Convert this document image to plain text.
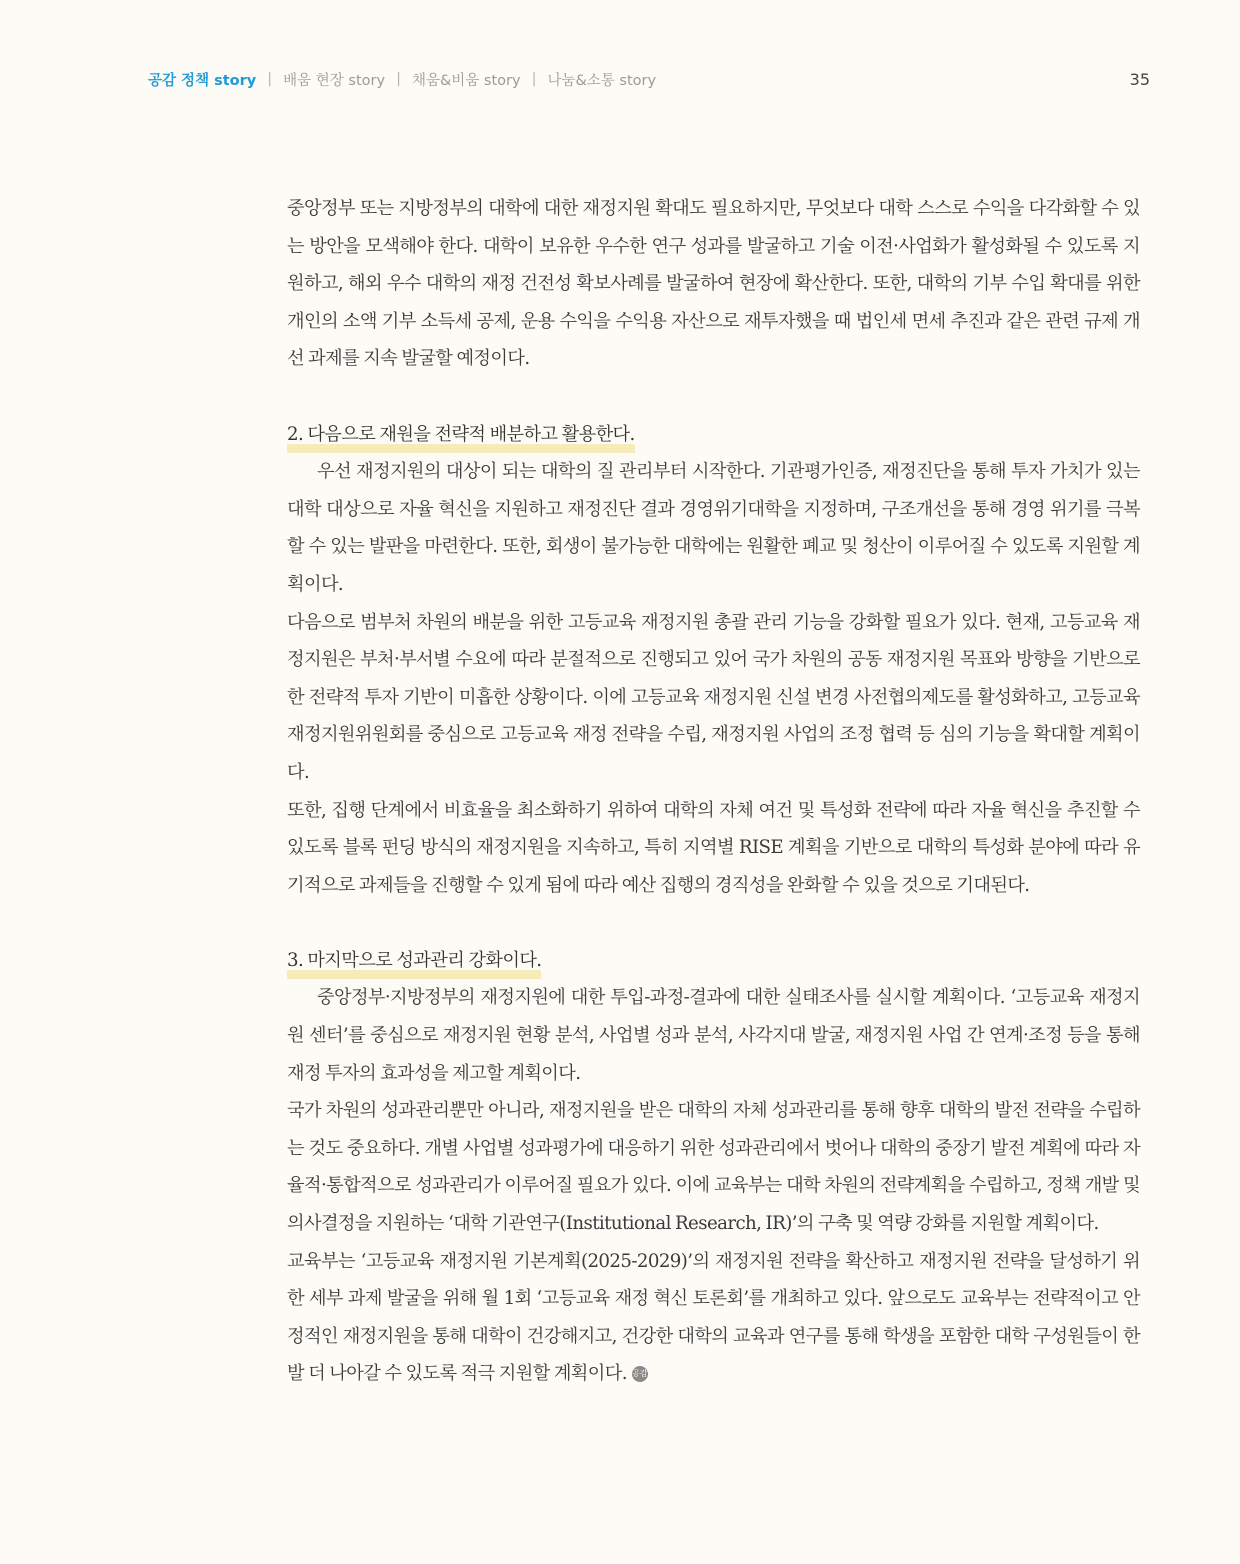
공감 정책 story | 배움 현장 story | 채움&비움 story | 나눔&소통 story	35

중앙정부 또는 지방정부의 대학에 대한 재정지원 확대도 필요하지만, 무엇보다 대학 스스로 수익을 다각화할 수 있는 방안을 모색해야 한다. 대학이 보유한 우수한 연구 성과를 발굴하고 기술 이전·사업화가 활성화될 수 있도록 지원하고, 해외 우수 대학의 재정 건전성 확보사례를 발굴하여 현장에 확산한다. 또한, 대학의 기부 수입 확대를 위한 개인의 소액 기부 소득세 공제, 운용 수익을 수익용 자산으로 재투자했을 때 법인세 면세 추진과 같은 관련 규제 개선 과제를 지속 발굴할 예정이다.

2. 다음으로 재원을 전략적 배분하고 활용한다.

우선 재정지원의 대상이 되는 대학의 질 관리부터 시작한다. 기관평가인증, 재정진단을 통해 투자 가치가 있는 대학 대상으로 자율 혁신을 지원하고 재정진단 결과 경영위기대학을 지정하며, 구조개선을 통해 경영 위기를 극복할 수 있는 발판을 마련한다. 또한, 회생이 불가능한 대학에는 원활한 폐교 및 청산이 이루어질 수 있도록 지원할 계획이다.

다음으로 범부처 차원의 배분을 위한 고등교육 재정지원 총괄 관리 기능을 강화할 필요가 있다. 현재, 고등교육 재정지원은 부처·부서별 수요에 따라 분절적으로 진행되고 있어 국가 차원의 공동 재정지원 목표와 방향을 기반으로 한 전략적 투자 기반이 미흡한 상황이다. 이에 고등교육 재정지원 신설 변경 사전협의제도를 활성화하고, 고등교육재정지원위원회를 중심으로 고등교육 재정 전략을 수립, 재정지원 사업의 조정 협력 등 심의 기능을 확대할 계획이다.

또한, 집행 단계에서 비효율을 최소화하기 위하여 대학의 자체 여건 및 특성화 전략에 따라 자율 혁신을 추진할 수 있도록 블록 펀딩 방식의 재정지원을 지속하고, 특히 지역별 RISE 계획을 기반으로 대학의 특성화 분야에 따라 유기적으로 과제들을 진행할 수 있게 됨에 따라 예산 집행의 경직성을 완화할 수 있을 것으로 기대된다.

3. 마지막으로 성과관리 강화이다.

중앙정부·지방정부의 재정지원에 대한 투입-과정-결과에 대한 실태조사를 실시할 계획이다. ‘고등교육 재정지원 센터’를 중심으로 재정지원 현황 분석, 사업별 성과 분석, 사각지대 발굴, 재정지원 사업 간 연계·조정 등을 통해 재정 투자의 효과성을 제고할 계획이다.

국가 차원의 성과관리뿐만 아니라, 재정지원을 받은 대학의 자체 성과관리를 통해 향후 대학의 발전 전략을 수립하는 것도 중요하다. 개별 사업별 성과평가에 대응하기 위한 성과관리에서 벗어나 대학의 중장기 발전 계획에 따라 자율적·통합적으로 성과관리가 이루어질 필요가 있다. 이에 교육부는 대학 차원의 전략계획을 수립하고, 정책 개발 및 의사결정을 지원하는 ‘대학 기관연구(Institutional Research, IR)’의 구축 및 역량 강화를 지원할 계획이다.

교육부는 ‘고등교육 재정지원 기본계획(2025-2029)’의 재정지원 전략을 확산하고 재정지원 전략을 달성하기 위한 세부 과제 발굴을 위해 월 1회 ‘고등교육 재정 혁신 토론회’를 개최하고 있다. 앞으로도 교육부는 전략적이고 안정적인 재정지원을 통해 대학이 건강해지고, 건강한 대학의 교육과 연구를 통해 학생을 포함한 대학 구성원들이 한발 더 나아갈 수 있도록 적극 지원할 계획이다. 공감
